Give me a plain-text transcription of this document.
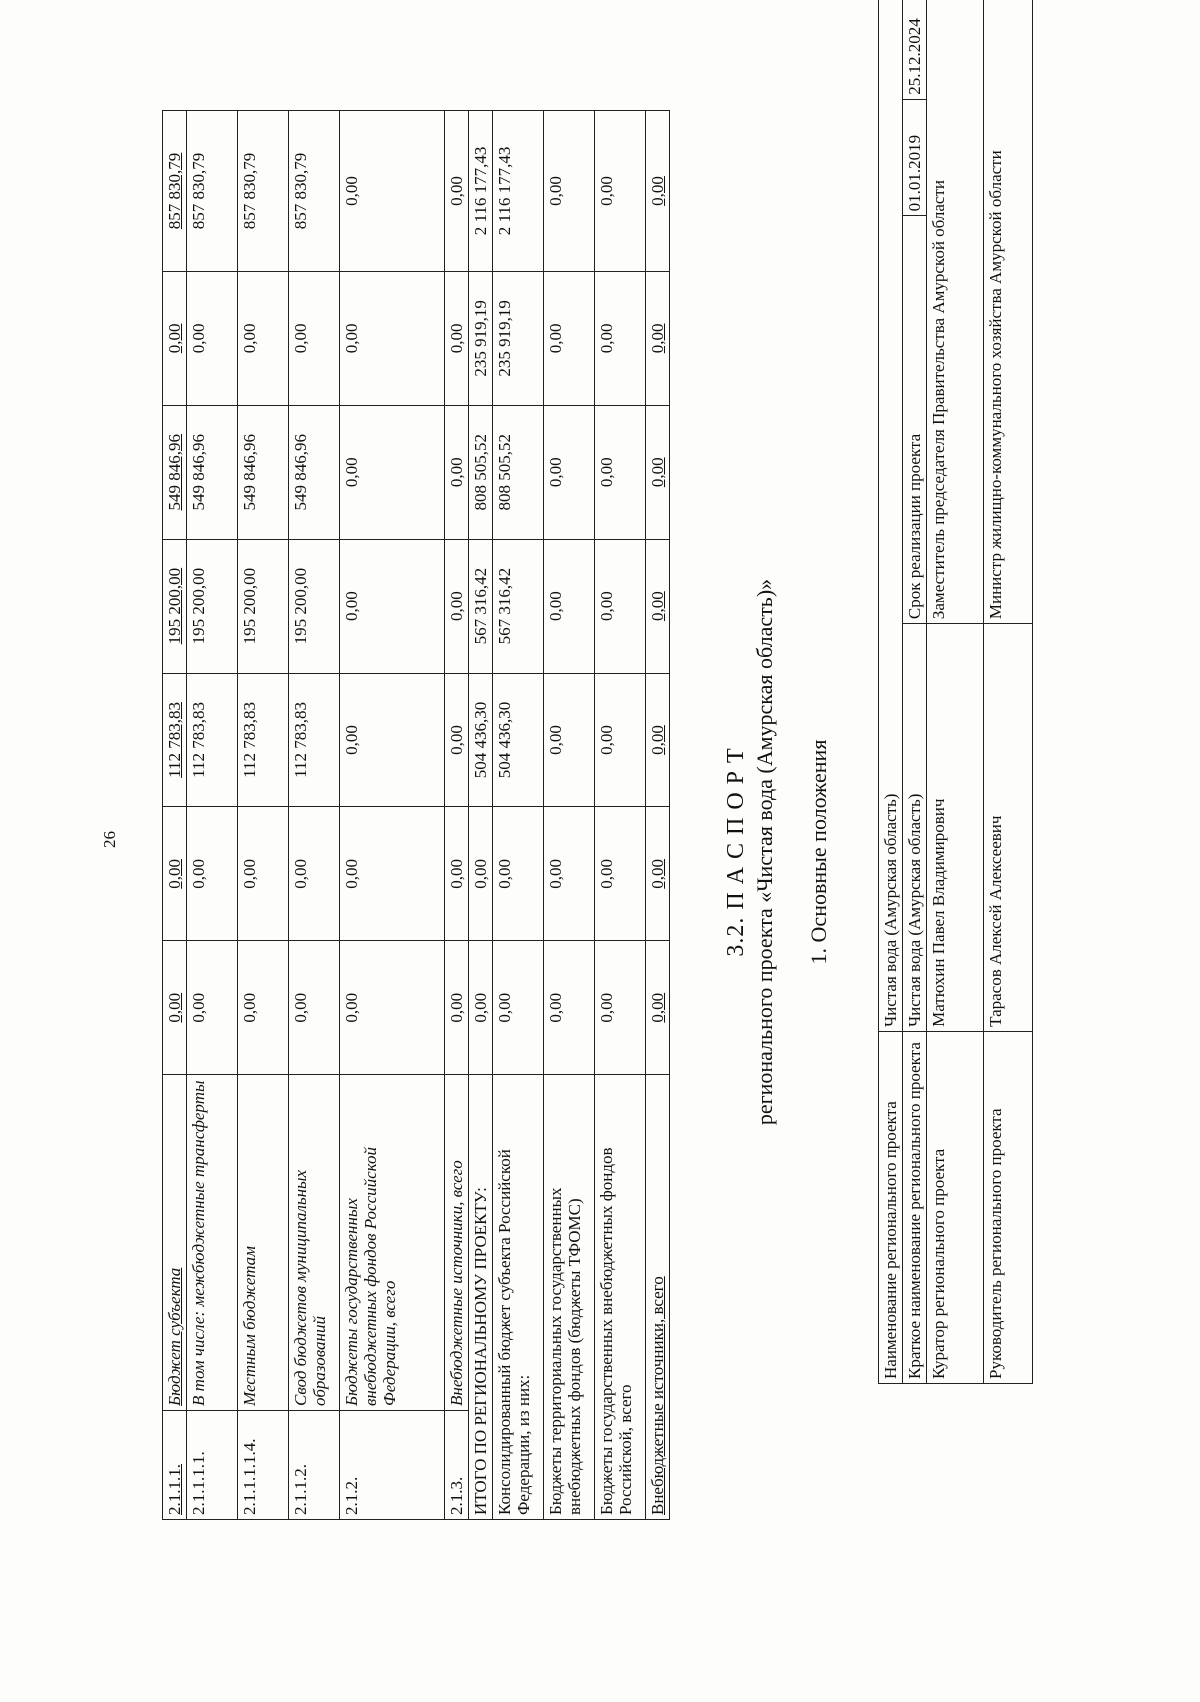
26
2.1.1.1.	Бюджет субъекта	0,00	0,00	112 783,83	195 200,00	549 846,96	0,00	857 830,79
2.1.1.1.1.	В том числе: межбюджетные трансферты	0,00	0,00	112 783,83	195 200,00	549 846,96	0,00	857 830,79
2.1.1.1.1.4.	Местным бюджетам	0,00	0,00	112 783,83	195 200,00	549 846,96	0,00	857 830,79
2.1.1.2.	Свод бюджетов муниципальных образований	0,00	0,00	112 783,83	195 200,00	549 846,96	0,00	857 830,79
2.1.2.	Бюджеты государственных внебюджетных фондов Российской Федерации, всего	0,00	0,00	0,00	0,00	0,00	0,00	0,00
2.1.3.	Внебюджетные источники, всего	0,00	0,00	0,00	0,00	0,00	0,00	0,00
ИТОГО ПО РЕГИОНАЛЬНОМУ ПРОЕКТУ:		0,00	0,00	504 436,30	567 316,42	808 505,52	235 919,19	2 116 177,43
Консолидированный бюджет субъекта Российской Федерации, из них:		0,00	0,00	504 436,30	567 316,42	808 505,52	235 919,19	2 116 177,43
Бюджеты территориальных государственных внебюджетных фондов (бюджеты ТФОМС)		0,00	0,00	0,00	0,00	0,00	0,00	0,00
Бюджеты государственных внебюджетных фондов Российской, всего		0,00	0,00	0,00	0,00	0,00	0,00	0,00
Внебюджетные источники, всего		0,00	0,00	0,00	0,00	0,00	0,00	0,00
3.2. П А С П О Р Т регионального проекта «Чистая вода (Амурская область)» 1. Основные положения
Наименование регионального проекта	Чистая вода (Амурская область)			
Краткое наименование регионального проекта	Чистая вода (Амурская область)	Срок реализации проекта	01.01.2019	25.12.2024
Куратор регионального проекта	Матюхин Павел Владимирович	Заместитель председателя Правительства Амурской области		
Руководитель регионального проекта	Тарасов Алексей Алексеевич	Министр жилищно-коммунального хозяйства Амурской области		
